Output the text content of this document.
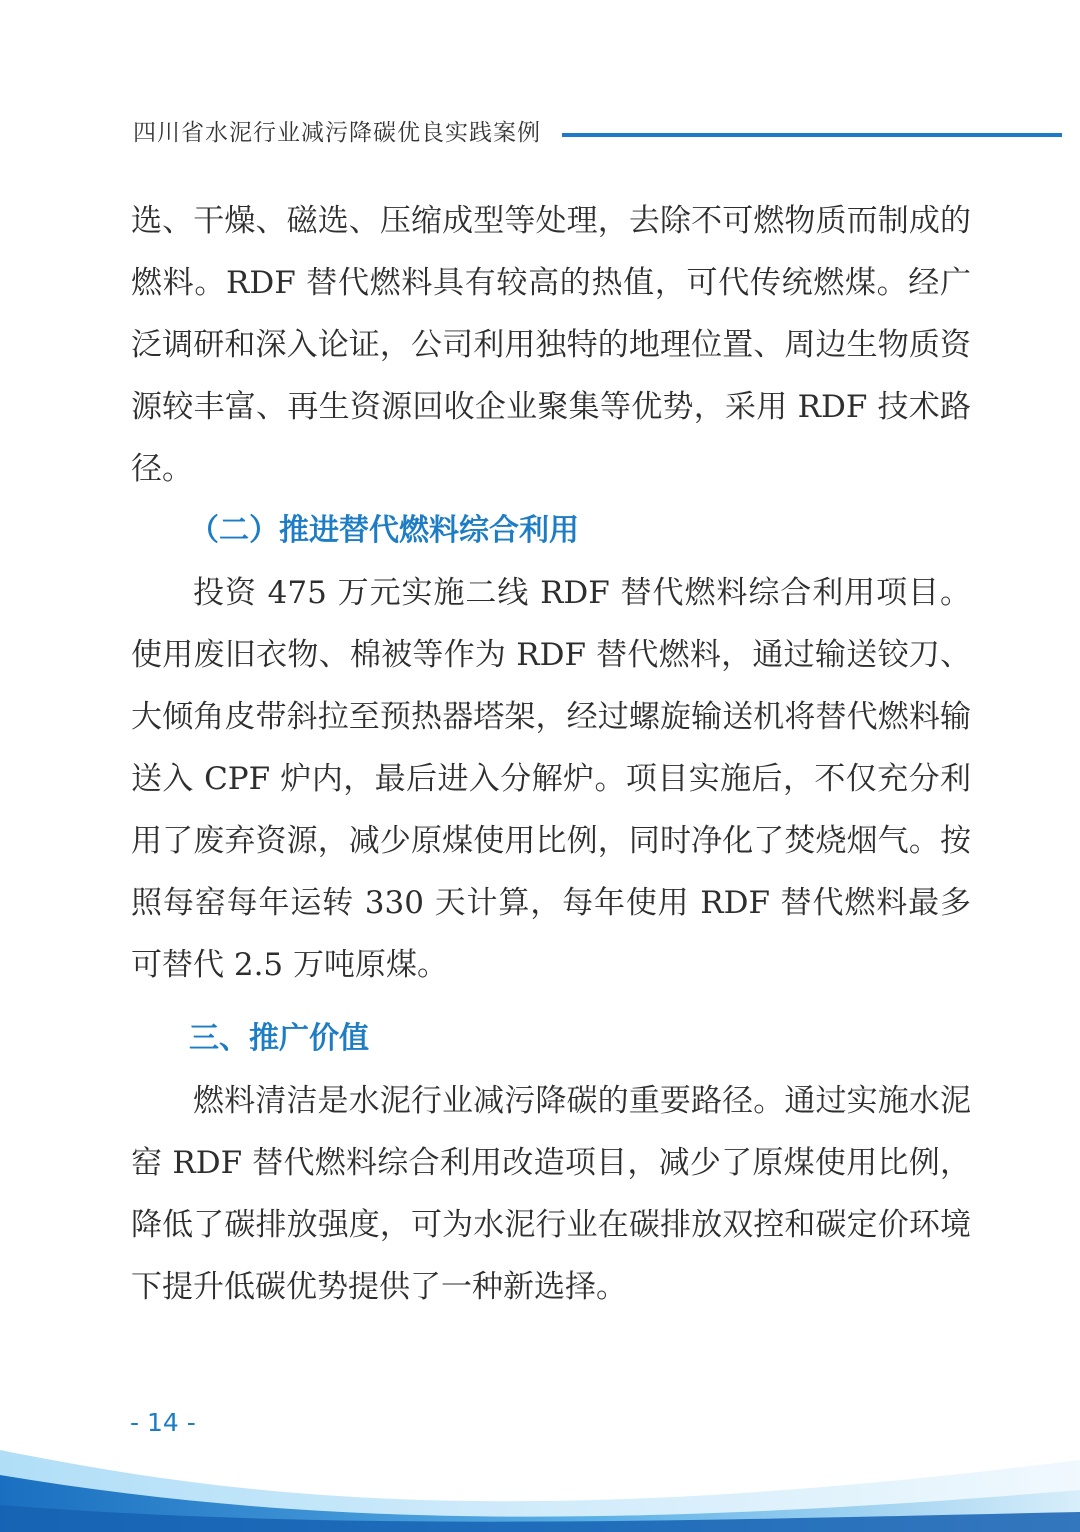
四川省水泥行业减污降碳优良实践案例

选、干燥、磁选、压缩成型等处理，去除不可燃物质而制成的燃料。RDF 替代燃料具有较高的热值，可代传统燃煤。经广泛调研和深入论证，公司利用独特的地理位置、周边生物质资源较丰富、再生资源回收企业聚集等优势，采用 RDF 技术路径。

（二）推进替代燃料综合利用

投资 475 万元实施二线 RDF 替代燃料综合利用项目。使用废旧衣物、棉被等作为 RDF 替代燃料，通过输送铰刀、大倾角皮带斜拉至预热器塔架，经过螺旋输送机将替代燃料输送入 CPF 炉内，最后进入分解炉。项目实施后，不仅充分利用了废弃资源，减少原煤使用比例，同时净化了焚烧烟气。按照每窑每年运转 330 天计算，每年使用 RDF 替代燃料最多可替代 2.5 万吨原煤。

三、推广价值

燃料清洁是水泥行业减污降碳的重要路径。通过实施水泥窑 RDF 替代燃料综合利用改造项目，减少了原煤使用比例，降低了碳排放强度，可为水泥行业在碳排放双控和碳定价环境下提升低碳优势提供了一种新选择。

- 14 -
